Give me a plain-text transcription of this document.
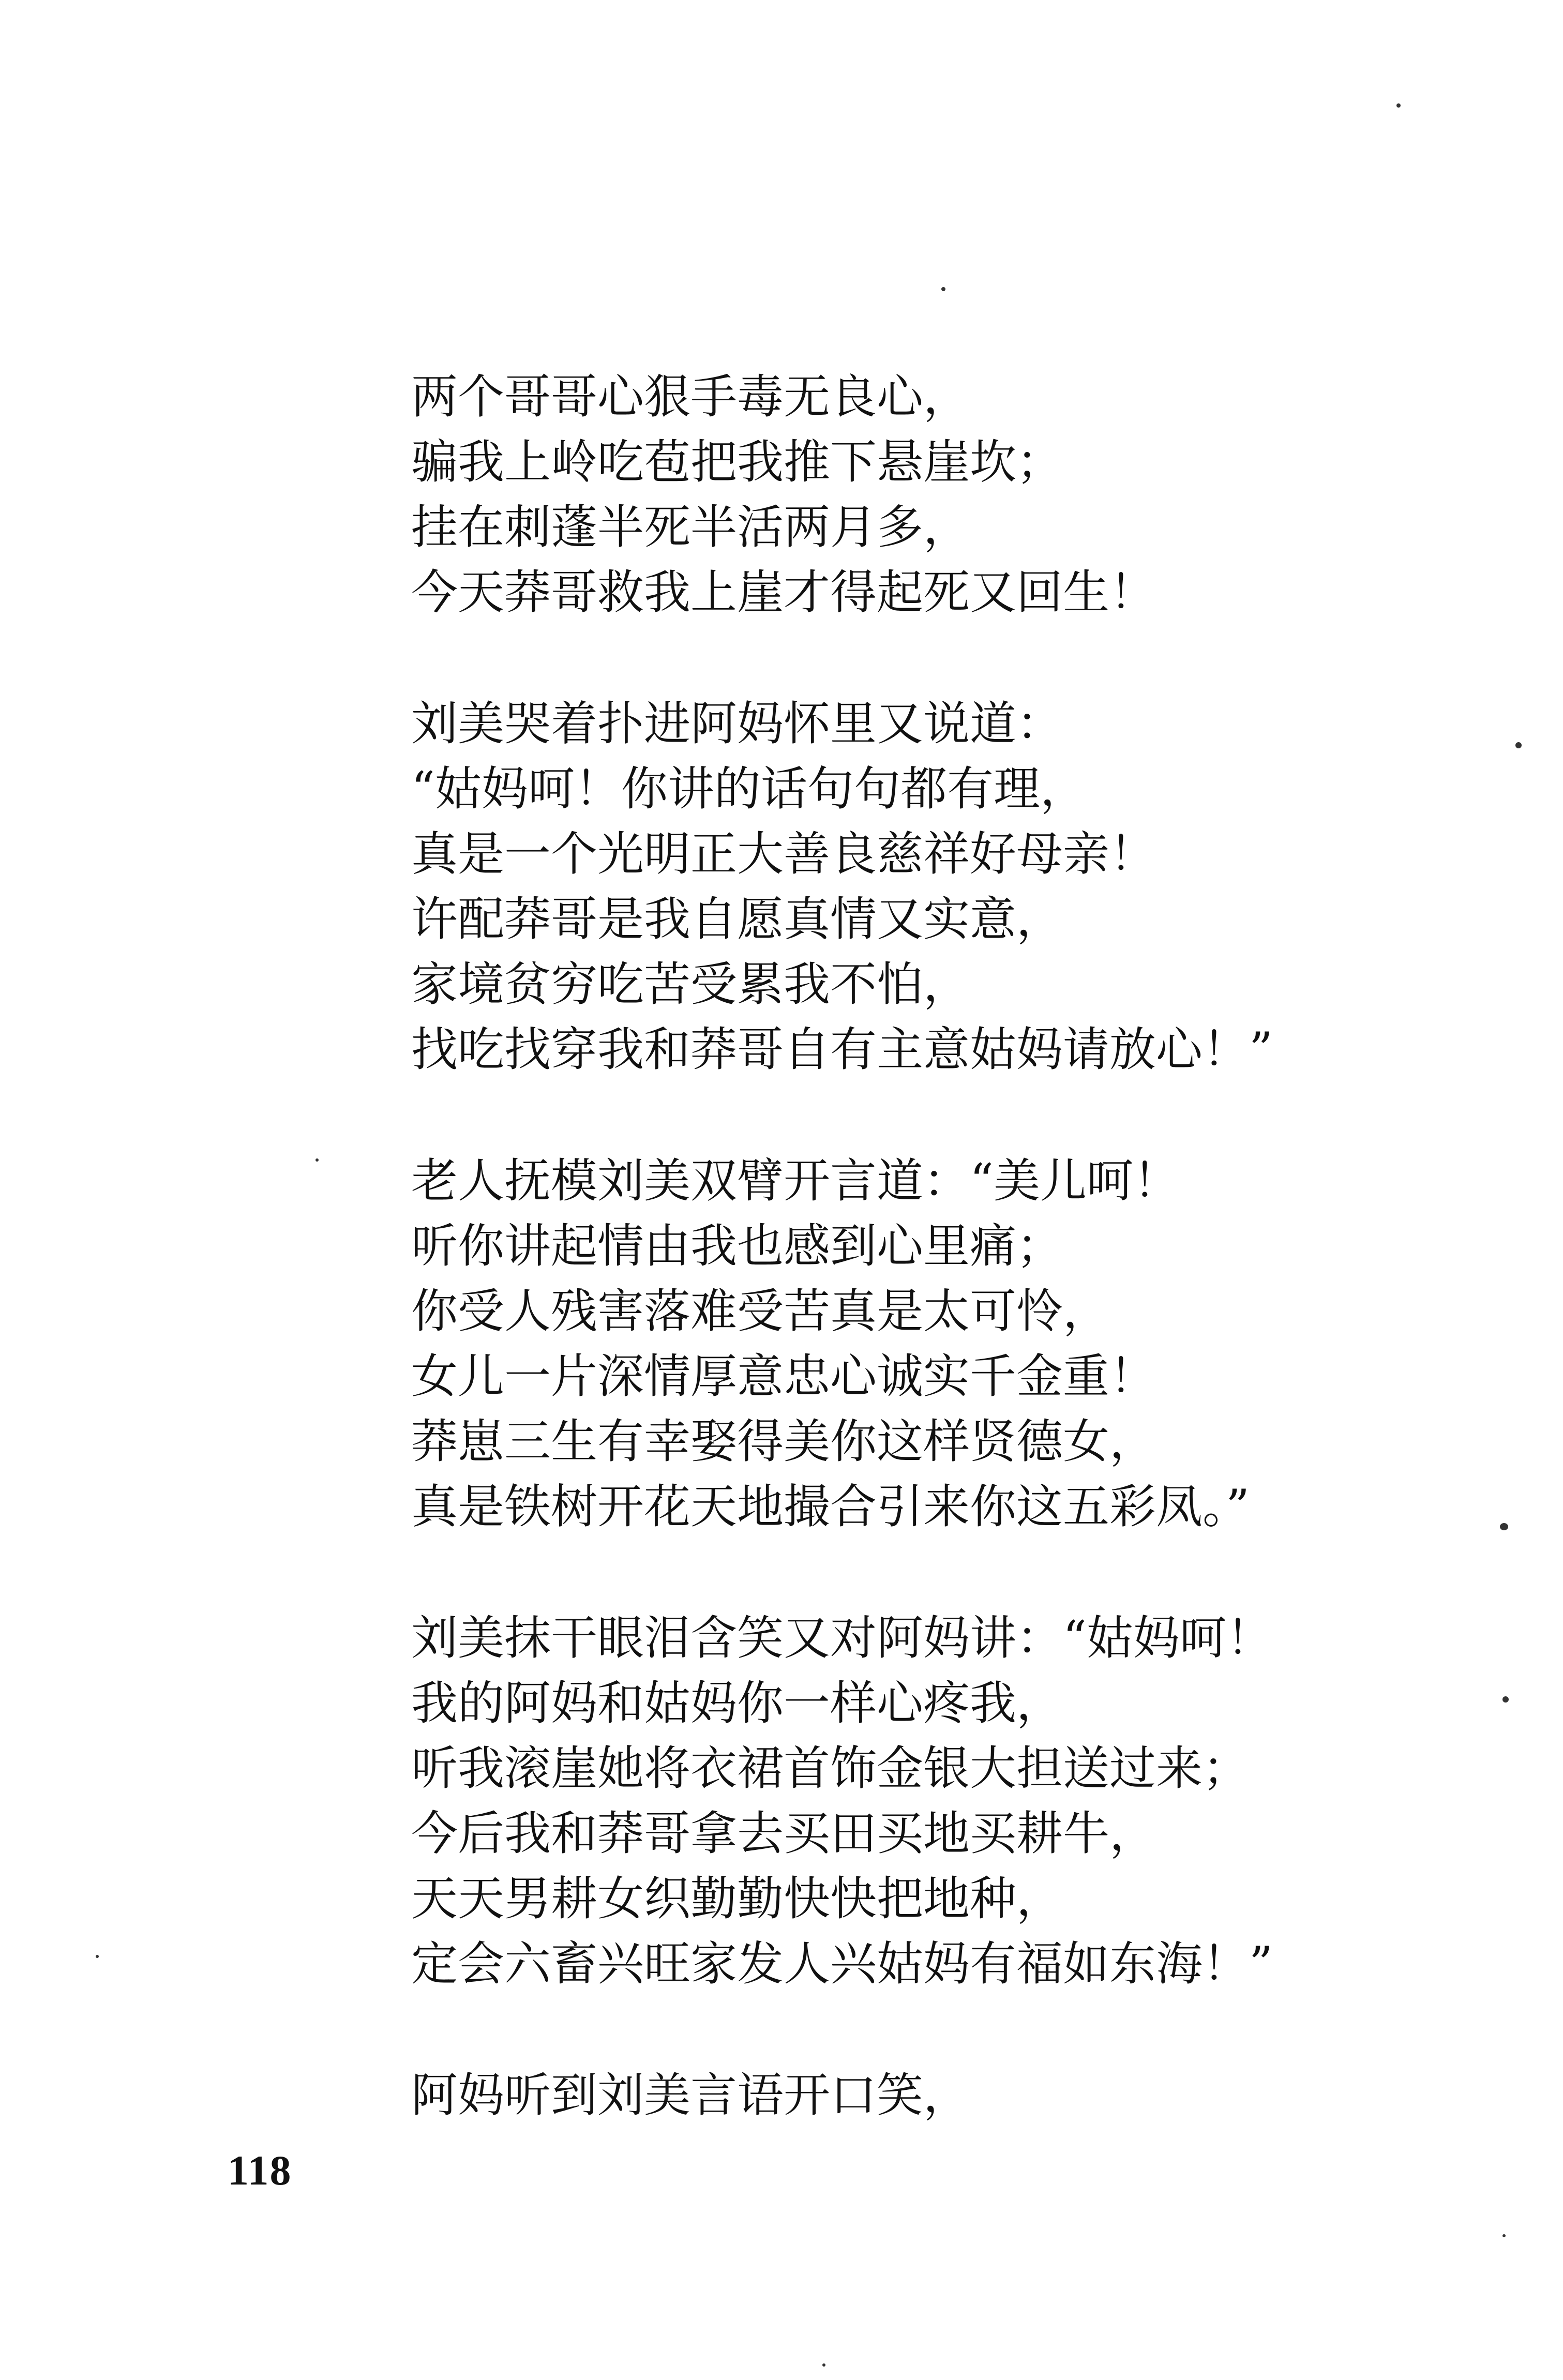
两个哥哥心狠手毒无良心，
骗我上岭吃苞把我推下悬崖坎；
挂在刺蓬半死半活两月多，
今天莽哥救我上崖才得起死又回生！
刘美哭着扑进阿妈怀里又说道：
“姑妈呵！你讲的话句句都有理，
真是一个光明正大善良慈祥好母亲！
许配莽哥是我自愿真情又实意，
家境贫穷吃苦受累我不怕，
找吃找穿我和莽哥自有主意姑妈请放心！”
老人抚模刘美双臂开言道：“美儿呵！
听你讲起情由我也感到心里痛；
你受人残害落难受苦真是太可怜，
女儿一片深情厚意忠心诚实千金重！
莽崽三生有幸娶得美你这样贤德女，
真是铁树开花天地撮合引来你这五彩凤。”
刘美抹干眼泪含笑又对阿妈讲：“姑妈呵！
我的阿妈和姑妈你一样心疼我，
听我滚崖她将衣裙首饰金银大担送过来；
今后我和莽哥拿去买田买地买耕牛，
天天男耕女织勤勤快快把地种，
定会六畜兴旺家发人兴姑妈有福如东海！”
阿妈听到刘美言语开口笑，
118
